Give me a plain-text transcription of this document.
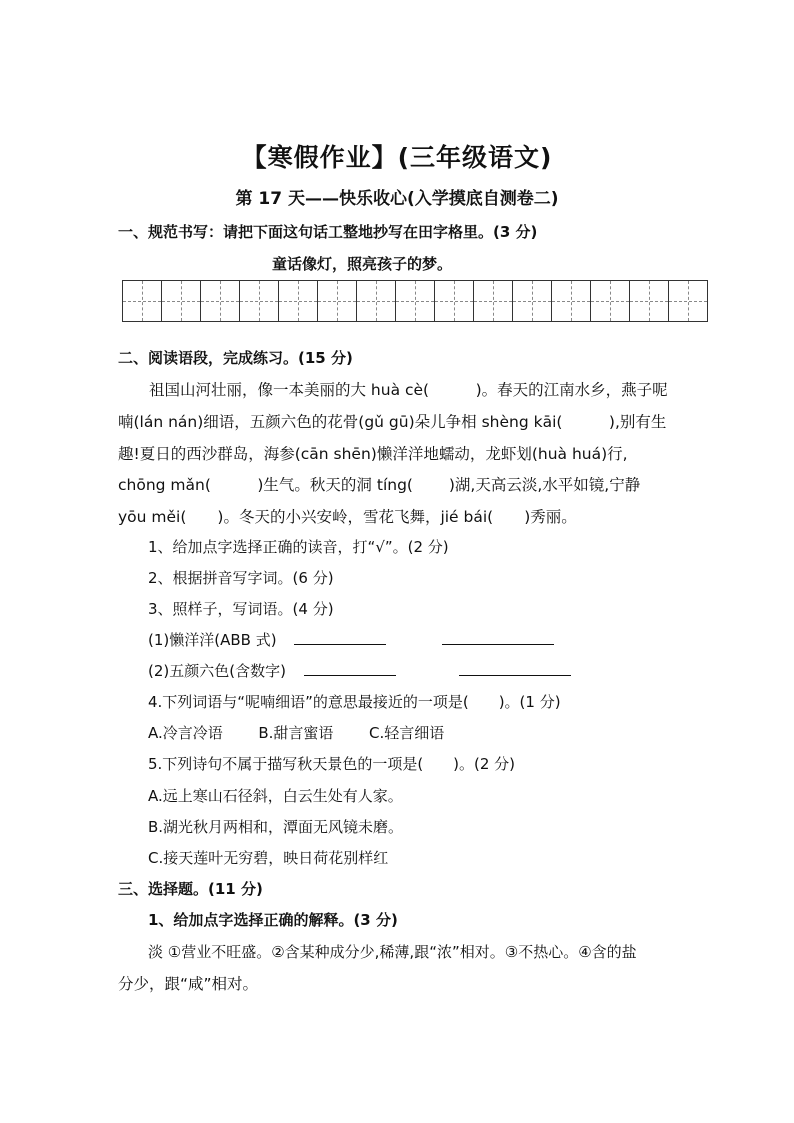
【寒假作业】(三年级语文)
第 17 天——快乐收心(入学摸底自测卷二)
一、规范书写：请把下面这句话工整地抄写在田字格里。(3 分)
童话像灯，照亮孩子的梦。
二、阅读语段，完成练习。(15 分)
　　祖国山河壮丽，像一本美丽的大 huà cè(　　　)。春天的江南水乡，燕子呢
喃(lán nán)细语，五颜六色的花骨(gǔ gū)朵儿争相 shèng kāi(　　　),别有生
趣!夏日的西沙群岛，海参(cān shēn)懒洋洋地蠕动，龙虾划(huà huá)行,
chōng mǎn(　　　)生气。秋天的洞 tíng(　　 )湖,天高云淡,水平如镜,宁静
yōu měi(　　)。冬天的小兴安岭，雪花飞舞，jié bái(　　)秀丽。
1、给加点字选择正确的读音，打“√”。(2 分)
2、根据拼音写字词。(6 分)
3、照样子，写词语。(4 分)
(1)懒洋洋(ABB 式)
(2)五颜六色(含数字)
4.下列词语与“呢喃细语”的意思最接近的一项是(　　)。(1 分)
A.冷言冷语 B.甜言蜜语 C.轻言细语
5.下列诗句不属于描写秋天景色的一项是(　　)。(2 分)
A.远上寒山石径斜，白云生处有人家。
B.湖光秋月两相和，潭面无风镜未磨。
C.接天莲叶无穷碧，映日荷花别样红
三、选择题。(11 分)
1、给加点字选择正确的解释。(3 分)
淡 ①营业不旺盛。②含某种成分少,稀薄,跟“浓”相对。③不热心。④含的盐
分少，跟“咸”相对。
